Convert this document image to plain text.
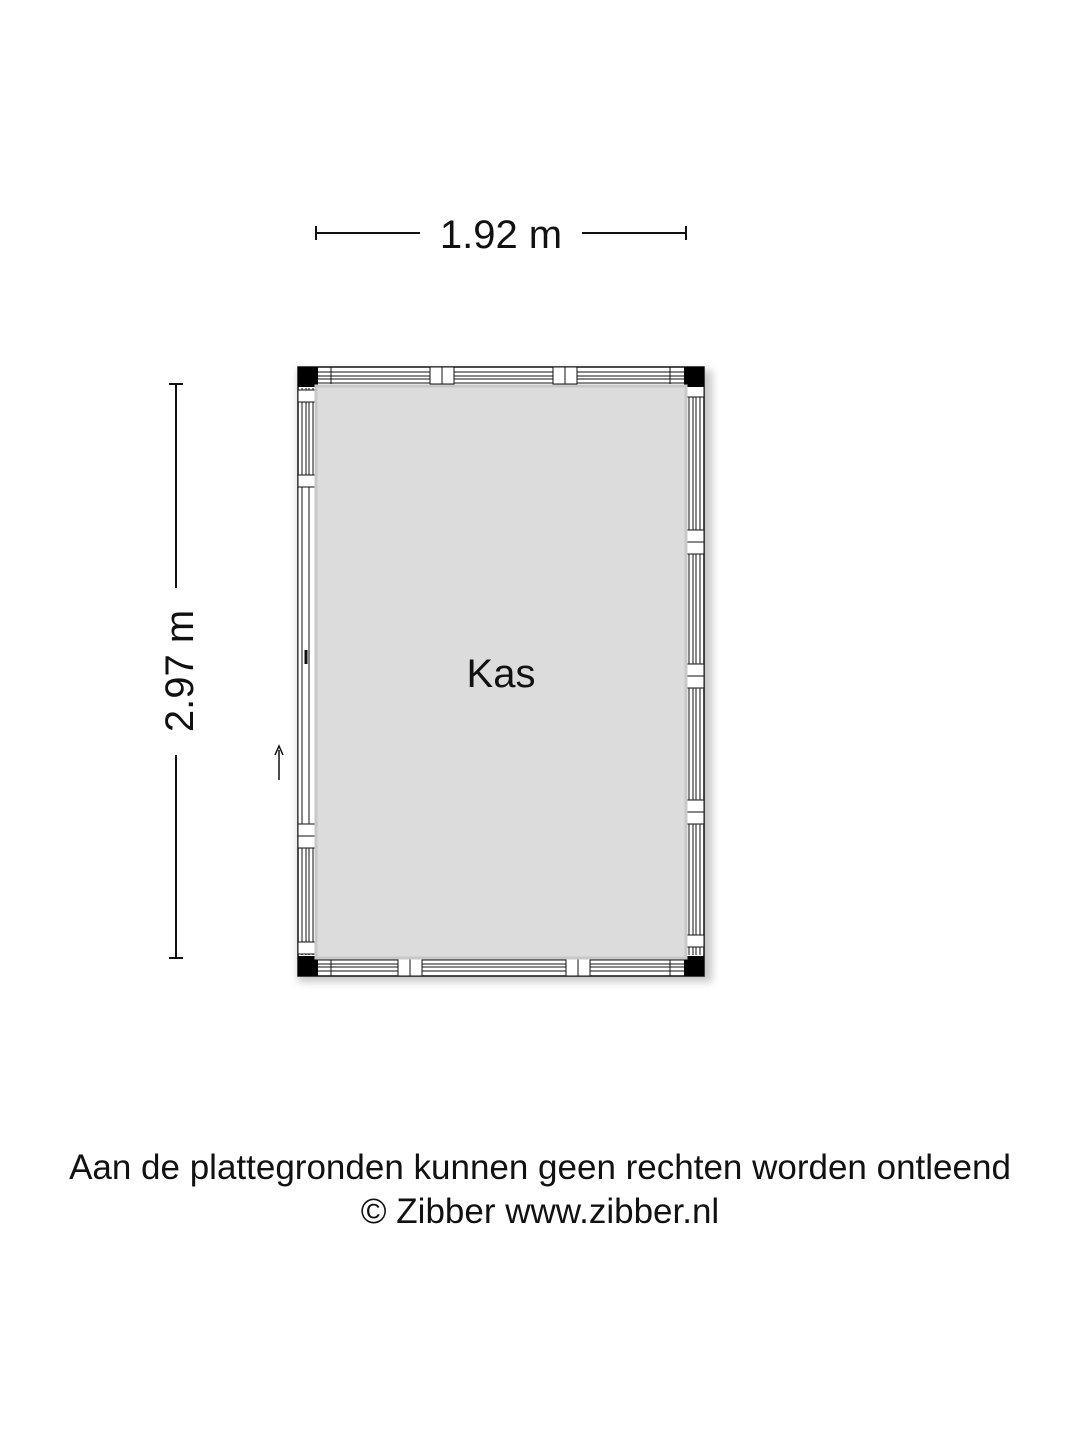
1.92 m
2.97 m	Kas
Aan de plattegronden kunnen geen rechten worden ontleend
© Zibber www.zibber.nl
